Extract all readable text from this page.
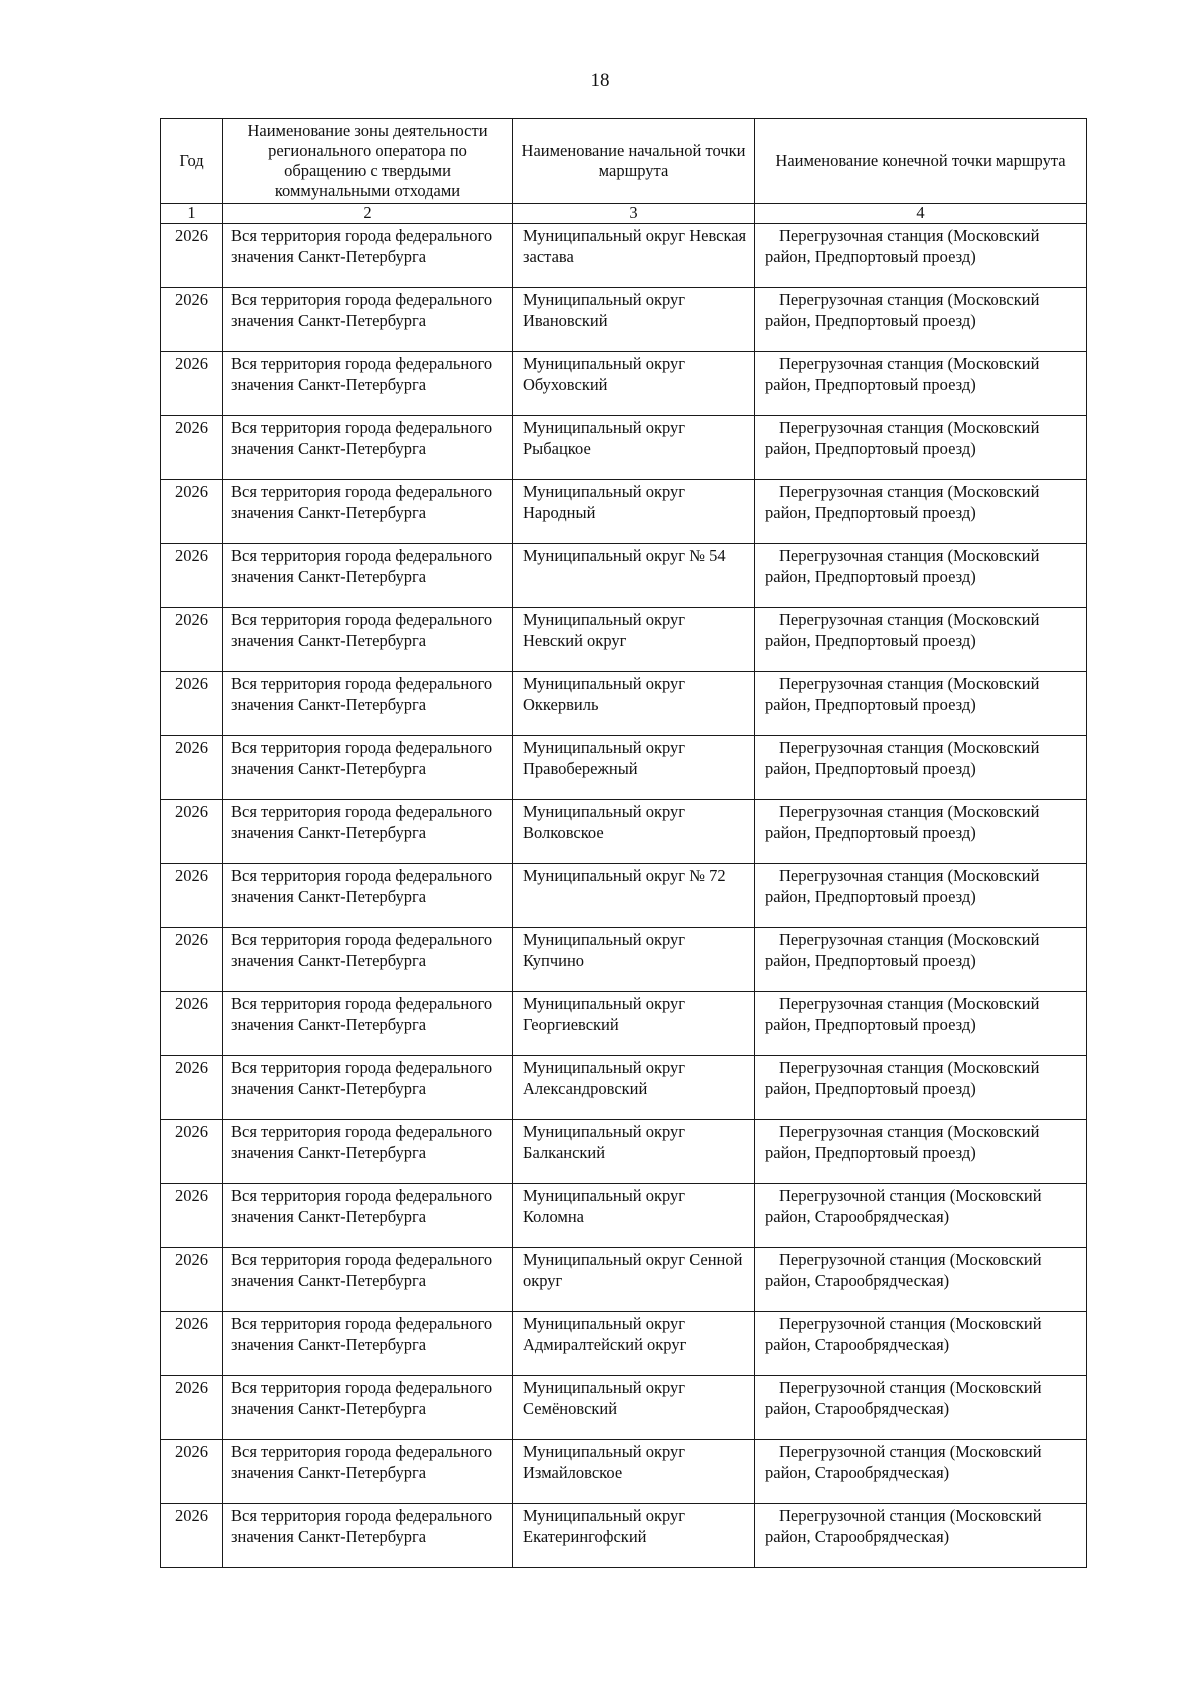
18
Год	Наименование зоны деятельности регионального оператора по обращению с твердыми коммунальными отходами	Наименование начальной точки маршрута	Наименование конечной точки маршрута
1	2	3	4
2026	Вся территория города федерального значения Санкт-Петербурга	Муниципальный округ Невская застава	Перегрузочная станция (Московский
район, Предпортовый проезд)
2026	Вся территория города федерального значения Санкт-Петербурга	Муниципальный округ Ивановский	Перегрузочная станция (Московский
район, Предпортовый проезд)
2026	Вся территория города федерального значения Санкт-Петербурга	Муниципальный округ Обуховский	Перегрузочная станция (Московский
район, Предпортовый проезд)
2026	Вся территория города федерального значения Санкт-Петербурга	Муниципальный округ Рыбацкое	Перегрузочная станция (Московский
район, Предпортовый проезд)
2026	Вся территория города федерального значения Санкт-Петербурга	Муниципальный округ Народный	Перегрузочная станция (Московский
район, Предпортовый проезд)
2026	Вся территория города федерального значения Санкт-Петербурга	Муниципальный округ № 54	Перегрузочная станция (Московский
район, Предпортовый проезд)
2026	Вся территория города федерального значения Санкт-Петербурга	Муниципальный округ Невский округ	Перегрузочная станция (Московский
район, Предпортовый проезд)
2026	Вся территория города федерального значения Санкт-Петербурга	Муниципальный округ Оккервиль	Перегрузочная станция (Московский
район, Предпортовый проезд)
2026	Вся территория города федерального значения Санкт-Петербурга	Муниципальный округ Правобережный	Перегрузочная станция (Московский
район, Предпортовый проезд)
2026	Вся территория города федерального значения Санкт-Петербурга	Муниципальный округ Волковское	Перегрузочная станция (Московский
район, Предпортовый проезд)
2026	Вся территория города федерального значения Санкт-Петербурга	Муниципальный округ № 72	Перегрузочная станция (Московский
район, Предпортовый проезд)
2026	Вся территория города федерального значения Санкт-Петербурга	Муниципальный округ Купчино	Перегрузочная станция (Московский
район, Предпортовый проезд)
2026	Вся территория города федерального значения Санкт-Петербурга	Муниципальный округ Георгиевский	Перегрузочная станция (Московский
район, Предпортовый проезд)
2026	Вся территория города федерального значения Санкт-Петербурга	Муниципальный округ Александровский	Перегрузочная станция (Московский
район, Предпортовый проезд)
2026	Вся территория города федерального значения Санкт-Петербурга	Муниципальный округ Балканский	Перегрузочная станция (Московский
район, Предпортовый проезд)
2026	Вся территория города федерального значения Санкт-Петербурга	Муниципальный округ Коломна	Перегрузочной станция (Московский
район, Старообрядческая)
2026	Вся территория города федерального значения Санкт-Петербурга	Муниципальный округ Сенной округ	Перегрузочной станция (Московский
район, Старообрядческая)
2026	Вся территория города федерального значения Санкт-Петербурга	Муниципальный округ Адмиралтейский округ	Перегрузочной станция (Московский
район, Старообрядческая)
2026	Вся территория города федерального значения Санкт-Петербурга	Муниципальный округ Семёновский	Перегрузочной станция (Московский
район, Старообрядческая)
2026	Вся территория города федерального значения Санкт-Петербурга	Муниципальный округ Измайловское	Перегрузочной станция (Московский
район, Старообрядческая)
2026	Вся территория города федерального значения Санкт-Петербурга	Муниципальный округ Екатерингофский	Перегрузочной станция (Московский
район, Старообрядческая)
